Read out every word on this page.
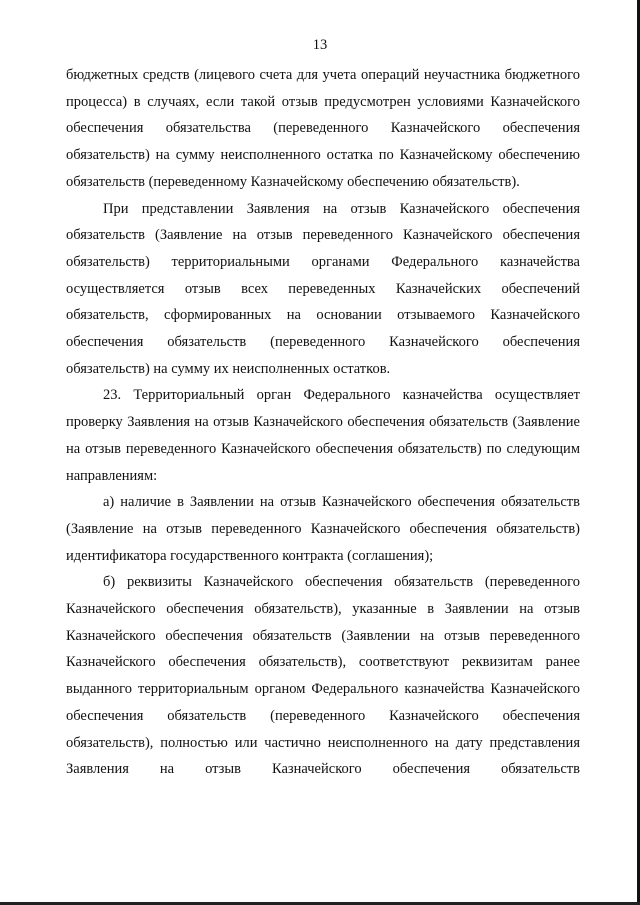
13

бюджетных средств (лицевого счета для учета операций неучастника бюджетного процесса) в случаях, если такой отзыв предусмотрен условиями Казначейского обеспечения обязательства (переведенного Казначейского обеспечения обязательств) на сумму неисполненного остатка по Казначейскому обеспечению обязательств (переведенному Казначейскому обеспечению обязательств).

При представлении Заявления на отзыв Казначейского обеспечения обязательств (Заявление на отзыв переведенного Казначейского обеспечения обязательств) территориальными органами Федерального казначейства осуществляется отзыв всех переведенных Казначейских обеспечений обязательств, сформированных на основании отзываемого Казначейского обеспечения обязательств (переведенного Казначейского обеспечения обязательств) на сумму их неисполненных остатков.

23. Территориальный орган Федерального казначейства осуществляет проверку Заявления на отзыв Казначейского обеспечения обязательств (Заявление на отзыв переведенного Казначейского обеспечения обязательств) по следующим направлениям:

а) наличие в Заявлении на отзыв Казначейского обеспечения обязательств (Заявление на отзыв переведенного Казначейского обеспечения обязательств) идентификатора государственного контракта (соглашения);

б) реквизиты Казначейского обеспечения обязательств (переведенного Казначейского обеспечения обязательств), указанные в Заявлении на отзыв Казначейского обеспечения обязательств (Заявлении на отзыв переведенного Казначейского обеспечения обязательств), соответствуют реквизитам ранее выданного территориальным органом Федерального казначейства Казначейского обеспечения обязательств (переведенного Казначейского обеспечения обязательств), полностью или частично неисполненного на дату представления Заявления на отзыв Казначейского обеспечения обязательств
